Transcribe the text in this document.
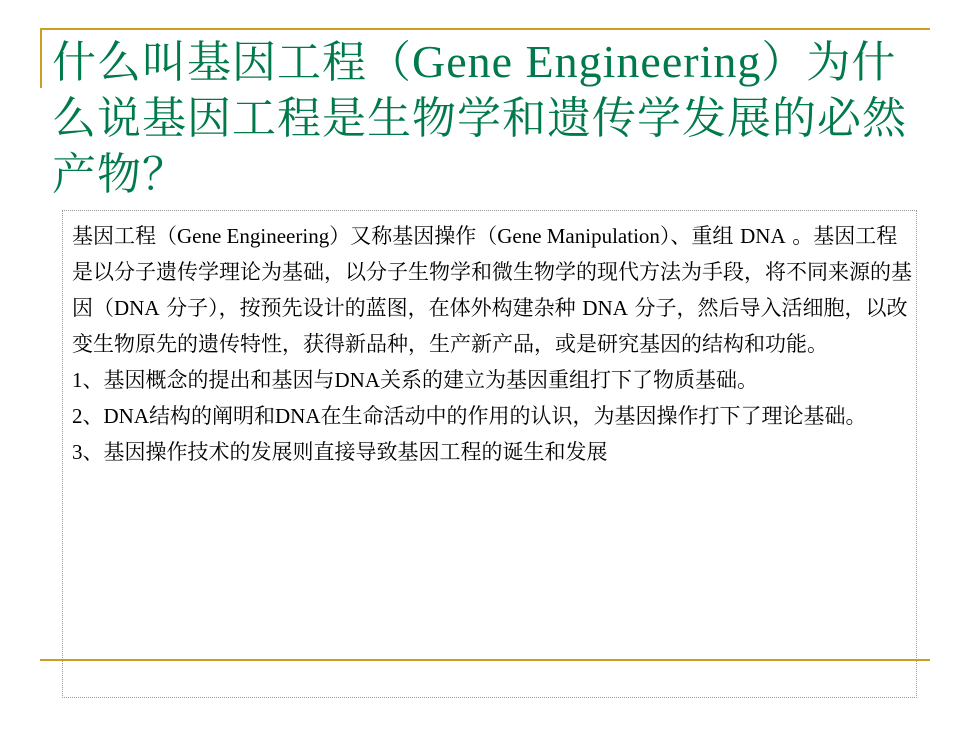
什么叫基因工程（Gene Engineering）为什么说基因工程是生物学和遗传学发展的必然产物？

基因工程（Gene Engineering）又称基因操作（Gene Manipulation）、重组 DNA 。基因工程是以分子遗传学理论为基础，以分子生物学和微生物学的现代方法为手段，将不同来源的基因（DNA 分子），按预先设计的蓝图，在体外构建杂种 DNA 分子，然后导入活细胞，以改变生物原先的遗传特性，获得新品种，生产新产品，或是研究基因的结构和功能。

1、基因概念的提出和基因与DNA关系的建立为基因重组打下了物质基础。

2、DNA结构的阐明和DNA在生命活动中的作用的认识，为基因操作打下了理论基础。

3、基因操作技术的发展则直接导致基因工程的诞生和发展
